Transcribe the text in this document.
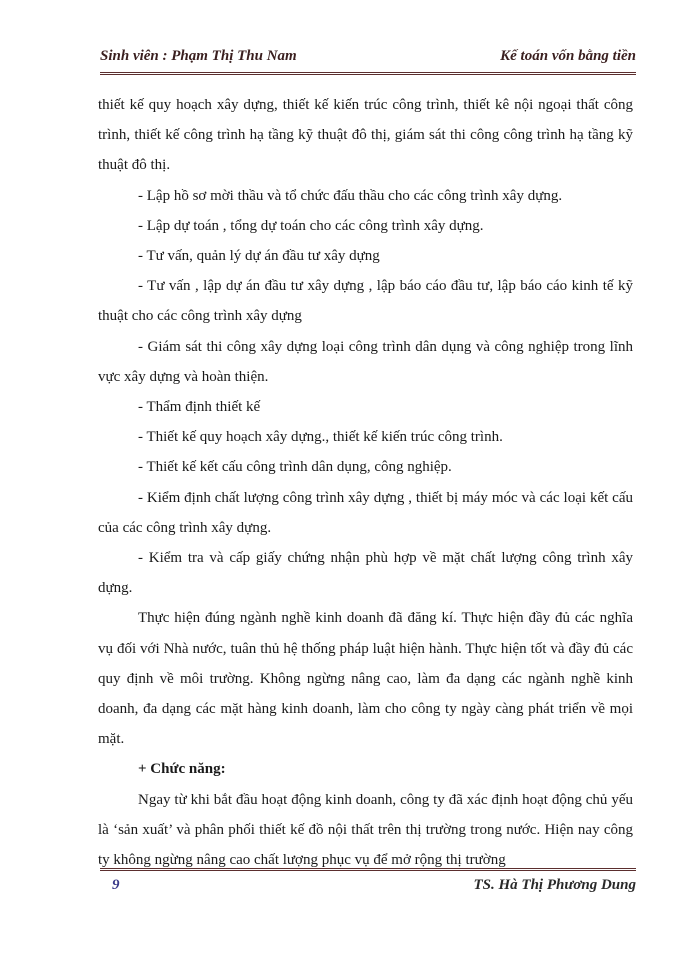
Sinh viên : Phạm Thị Thu Nam	Kế toán vốn bằng tiền

thiết kế quy hoạch xây dựng, thiết kế kiến trúc công trình, thiết kê nội ngoại thất công trình, thiết kế công trình hạ tầng kỹ thuật đô thị, giám sát thi công công trình hạ tầng kỹ thuật đô thị.

- Lập hồ sơ mời thầu và tổ chức đấu thầu cho các công trình xây dựng.

- Lập dự toán , tổng dự toán cho các công trình xây dựng.

- Tư vấn, quản lý dự án đầu tư xây dựng

- Tư vấn , lập dự án đầu tư xây dựng , lập báo cáo đầu tư, lập báo cáo kinh tế kỹ thuật cho các công trình xây dựng

- Giám sát thi công xây dựng loại công trình dân dụng và công nghiệp trong lĩnh vực xây dựng và hoàn thiện.

- Thẩm định thiết kế

- Thiết kế quy hoạch xây dựng., thiết kế kiến trúc công trình.

- Thiết kế kết cấu công trình dân dụng, công nghiệp.

- Kiểm định chất lượng công trình xây dựng , thiết bị máy móc và các loại kết cấu của các công trình xây dựng.

- Kiểm tra và cấp giấy chứng nhận phù hợp về mặt chất lượng công trình xây dựng.

Thực hiện đúng ngành nghề kinh doanh đã đăng kí. Thực hiện đầy đủ các nghĩa vụ đối với Nhà nước, tuân thủ hệ thống pháp luật hiện hành. Thực hiện tốt và đầy đủ các quy định về môi trường. Không ngừng nâng cao, làm đa dạng các ngành nghề kinh doanh, đa dạng các mặt hàng kinh doanh, làm cho công ty ngày càng phát triển về mọi mặt.

+ Chức năng:

Ngay từ khi bắt đầu hoạt động kinh doanh, công ty đã xác định hoạt động chủ yếu là ‘sản xuất’ và phân phối thiết kế đồ nội thất trên thị trường trong nước. Hiện nay công ty không ngừng nâng cao chất lượng phục vụ để mở rộng thị trường

9	TS. Hà Thị Phương Dung
